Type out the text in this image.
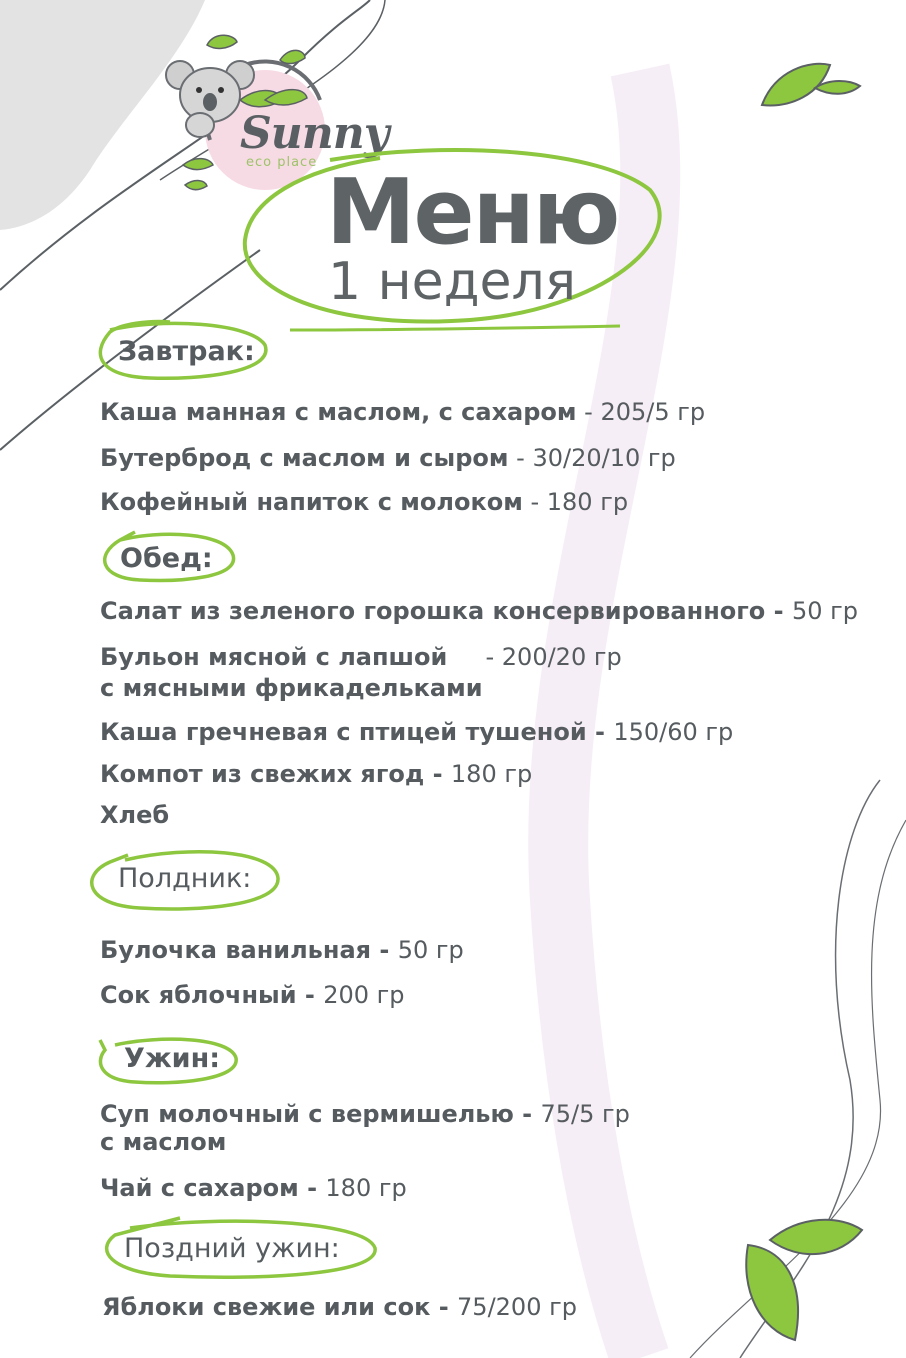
Sunny
eco place Меню
1 неделя
Завтрак:
Каша манная с маслом, с сахаром - 205/5 гр
Бутерброд с маслом и сыром - 30/20/10 гр
Кофейный напиток с молоком - 180 гр
Обед:
Салат из зеленого горошка консервированного - 50 гр
Бульон мясной с лапшой     - 200/20 гр
с мясными фрикадельками
Каша гречневая с птицей тушеной - 150/60 гр
Компот из свежих ягод - 180 гр
Хлеб
Полдник:
Булочка ванильная - 50 гр
Сок яблочный - 200 гр
Ужин:
Суп молочный с вермишелью - 75/5 гр
с маслом
Чай с сахаром - 180 гр
Поздний ужин:
Яблоки свежие или сок - 75/200 гр
